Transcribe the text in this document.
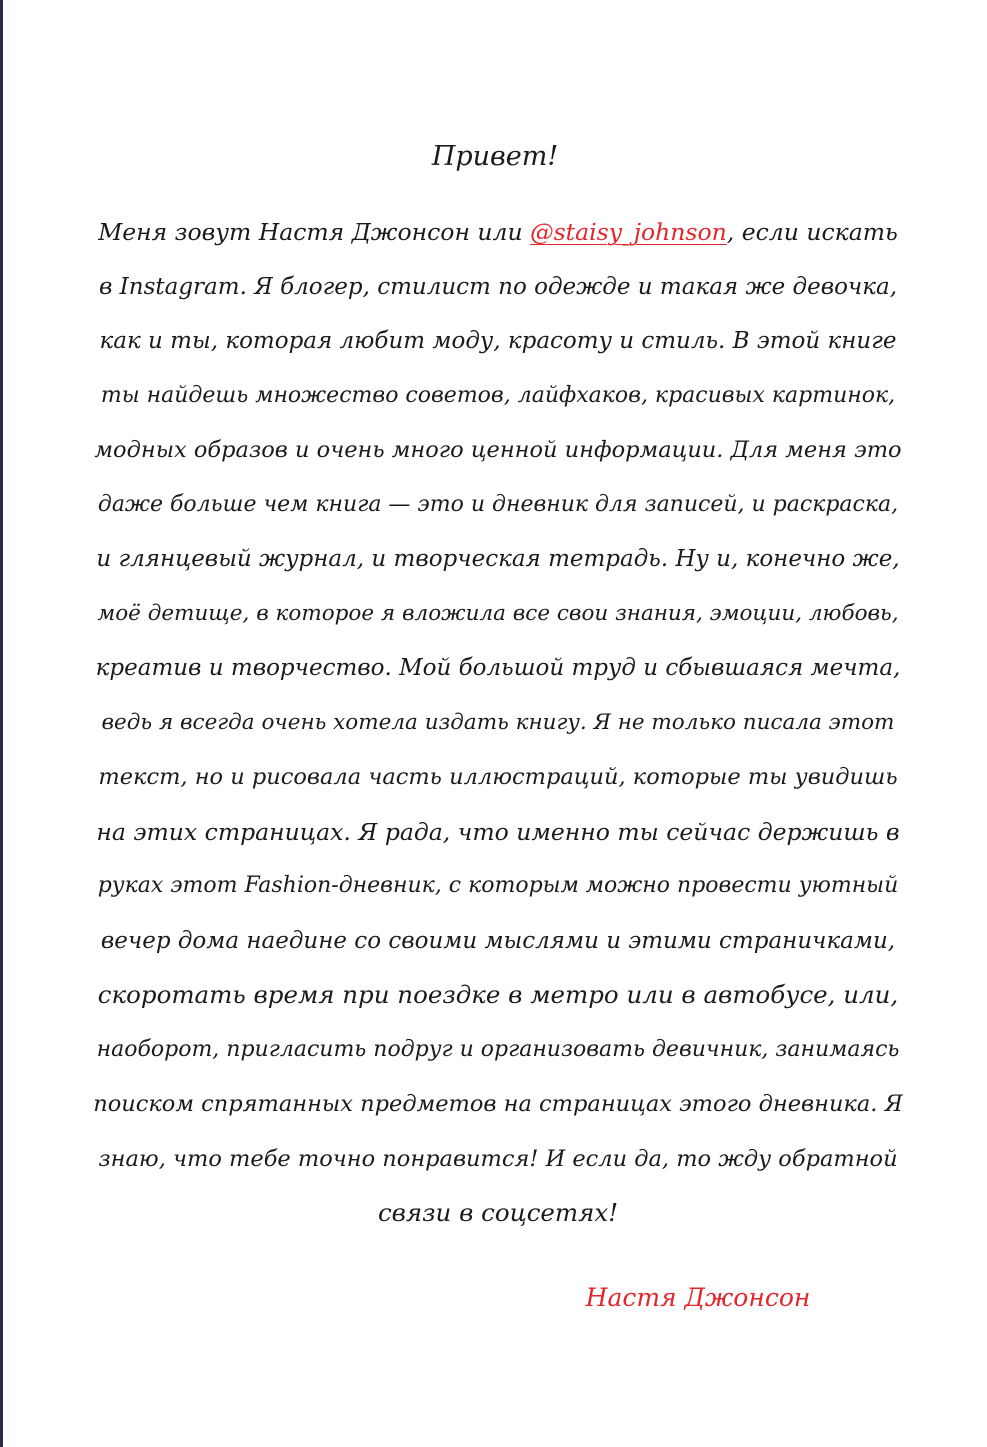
Привет!
Меня зовут Настя Джонсон или @staisy_johnson, если искать
в Instagram. Я блогер, стилист по одежде и такая же девочка,
как и ты, которая любит моду, красоту и стиль. В этой книге
ты найдешь множество советов, лайфхаков, красивых картинок,
модных образов и очень много ценной информации. Для меня это
даже больше чем книга — это и дневник для записей, и раскраска,
и глянцевый журнал, и творческая тетрадь. Ну и, конечно же,
моё детище, в которое я вложила все свои знания, эмоции, любовь,
креатив и творчество. Мой большой труд и сбывшаяся мечта,
ведь я всегда очень хотела издать книгу. Я не только писала этот
текст, но и рисовала часть иллюстраций, которые ты увидишь
на этих страницах. Я рада, что именно ты сейчас держишь в
руках этот Fashion-дневник, с которым можно провести уютный
вечер дома наедине со своими мыслями и этими страничками,
скоротать время при поездке в метро или в автобусе, или,
наоборот, пригласить подруг и организовать девичник, занимаясь
поиском спрятанных предметов на страницах этого дневника. Я
знаю, что тебе точно понравится! И если да, то жду обратной
связи в соцсетях!
Настя Джонсон
